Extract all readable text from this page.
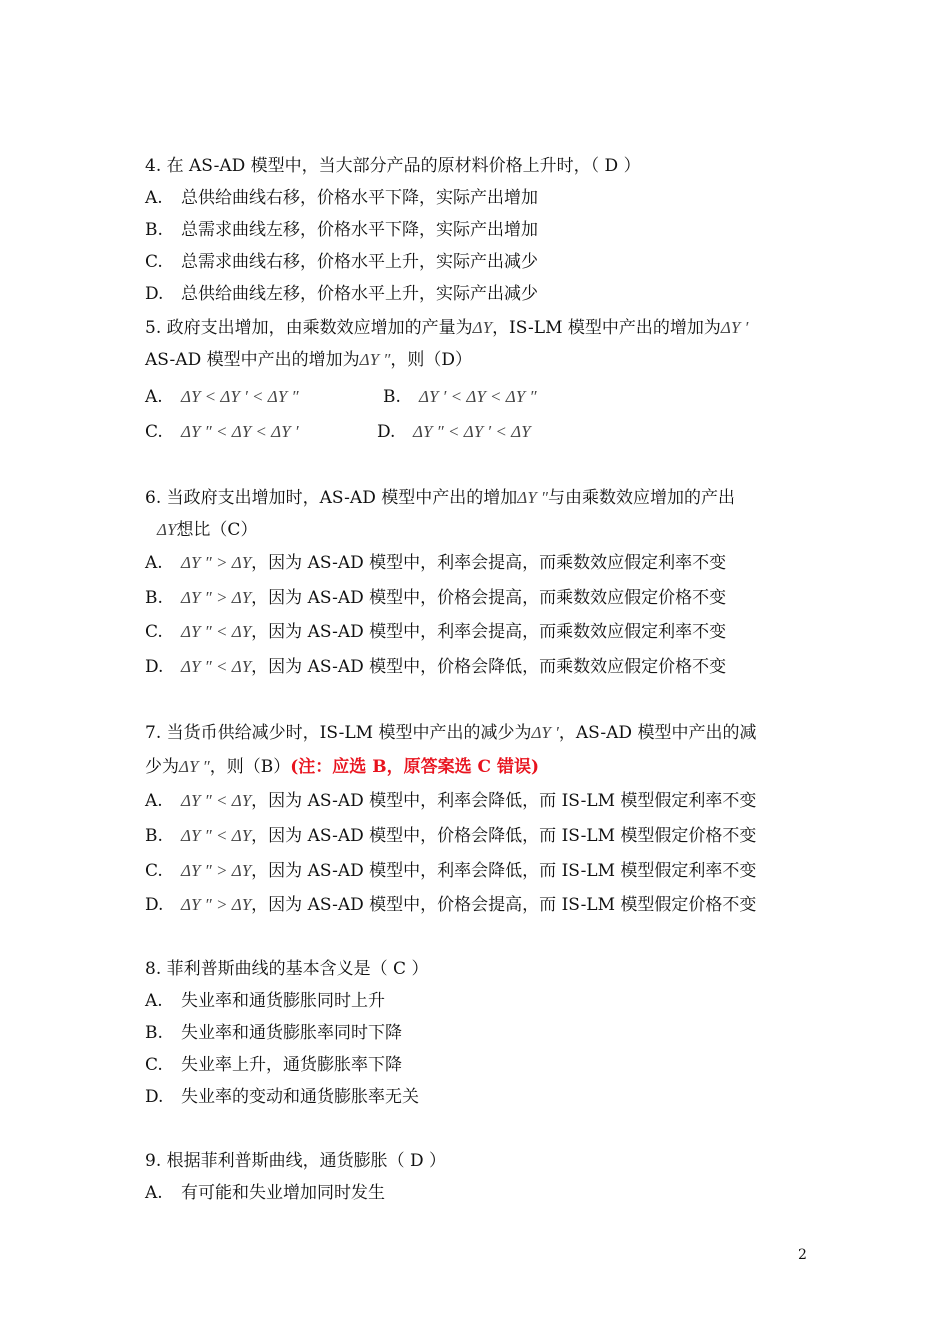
4. 在 AS-AD 模型中，当大部分产品的原材料价格上升时，（ D ）
A. 总供给曲线右移，价格水平下降，实际产出增加
B. 总需求曲线左移，价格水平下降，实际产出增加
C. 总需求曲线右移，价格水平上升，实际产出减少
D. 总供给曲线左移，价格水平上升，实际产出减少
5. 政府支出增加，由乘数效应增加的产量为ΔY，IS-LM 模型中产出的增加为ΔY ′
AS-AD 模型中产出的增加为ΔY ″，则（D）
A. ΔY < ΔY ′ < ΔY ″	B. ΔY ′ < ΔY < ΔY ″
C. ΔY ″ < ΔY < ΔY ′	D. ΔY ″ < ΔY ′ < ΔY
6. 当政府支出增加时，AS-AD 模型中产出的增加ΔY ″与由乘数效应增加的产出
ΔY想比（C）
A. ΔY ″ > ΔY，因为 AS-AD 模型中，利率会提高，而乘数效应假定利率不变
B. ΔY ″ > ΔY，因为 AS-AD 模型中，价格会提高，而乘数效应假定价格不变
C. ΔY ″ < ΔY，因为 AS-AD 模型中，利率会提高，而乘数效应假定利率不变
D. ΔY ″ < ΔY，因为 AS-AD 模型中，价格会降低，而乘数效应假定价格不变
7. 当货币供给减少时，IS-LM 模型中产出的减少为ΔY ′，AS-AD 模型中产出的减
少为ΔY ″，则（B）(注：应选 B，原答案选 C 错误)
A. ΔY ″ < ΔY，因为 AS-AD 模型中，利率会降低，而 IS-LM 模型假定利率不变
B. ΔY ″ < ΔY，因为 AS-AD 模型中，价格会降低，而 IS-LM 模型假定价格不变
C. ΔY ″ > ΔY，因为 AS-AD 模型中，利率会降低，而 IS-LM 模型假定利率不变
D. ΔY ″ > ΔY，因为 AS-AD 模型中，价格会提高，而 IS-LM 模型假定价格不变
8. 菲利普斯曲线的基本含义是（ C ）
A. 失业率和通货膨胀同时上升
B. 失业率和通货膨胀率同时下降
C. 失业率上升，通货膨胀率下降
D. 失业率的变动和通货膨胀率无关
9. 根据菲利普斯曲线，通货膨胀（ D ）
A. 有可能和失业增加同时发生
2
